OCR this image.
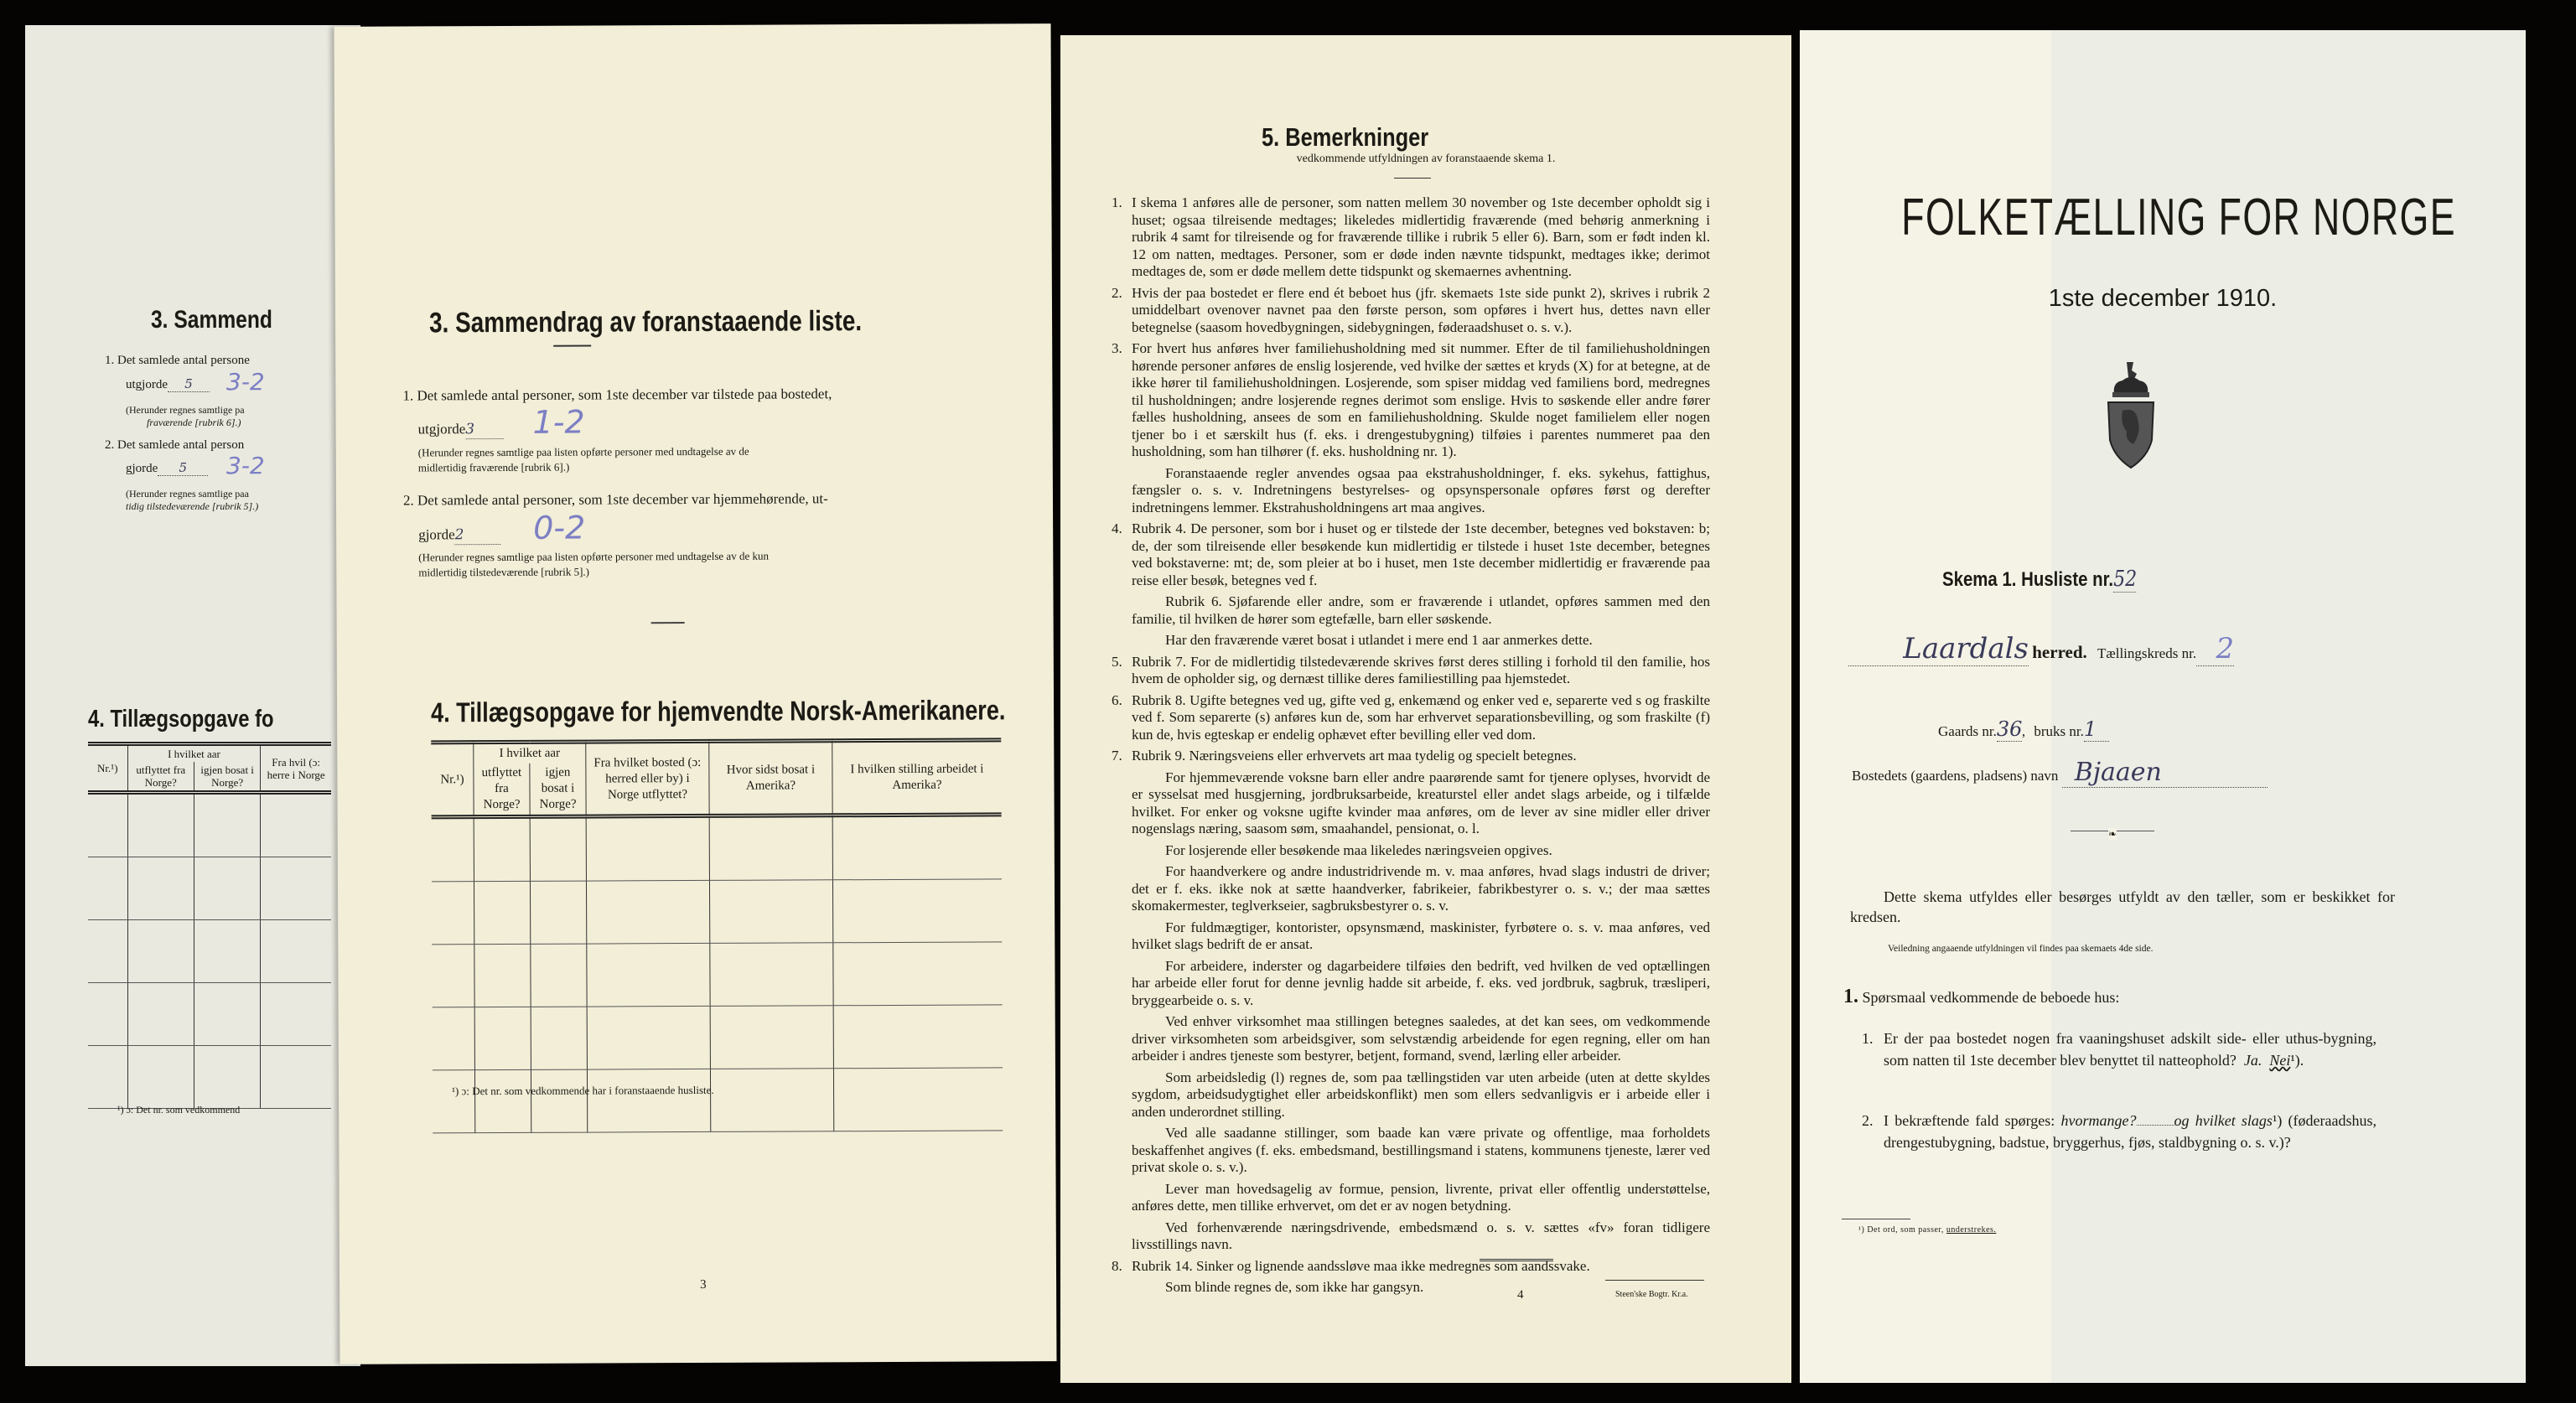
3. Sammend
1. Det samlede antal persone
utgjorde 5	3-2
(Herunder regnes samtlige pa
fraværende [rubrik 6].)
2. Det samlede antal person
gjorde 5	3-2
(Herunder regnes samtlige paa
tidig tilstedeværende [rubrik 5].)
4. Tillægsopgave fo
Nr.¹)	I hvilket aar		Fra hvil (ɔ: herre i Norge
	utflyttet fra Norge?	igjen bosat i Norge?	

¹) ɔ: Det nr. som vedkommend
3. Sammendrag av foranstaaende liste.
1. Det samlede antal personer, som 1ste december var tilstede paa bostedet,
utgjorde3	1-2
(Herunder regnes samtlige paa listen opførte personer med undtagelse av de midlertidig fraværende [rubrik 6].)
2. Det samlede antal personer, som 1ste december var hjemmehørende, ut-
gjorde2	0-2
(Herunder regnes samtlige paa listen opførte personer med undtagelse av de kun midlertidig tilstedeværende [rubrik 5].)
4. Tillægsopgave for hjemvendte Norsk-Amerikanere.
Nr.¹)	I hvilket aar		Fra hvilket bosted (ɔ: herred eller by) i Norge utflyttet?	Hvor sidst bosat i Amerika?	I hvilken stilling arbeidet i Amerika?
	utflyttet fra Norge?	igjen bosat i Norge?			

¹) ɔ: Det nr. som vedkommende har i foranstaaende husliste.
3
5. Bemerkninger
vedkommende utfyldningen av foranstaaende skema 1.

1. I skema 1 anføres alle de personer, som natten mellem 30 november og 1ste december opholdt sig i huset; ogsaa tilreisende medtages; likeledes midlertidig fraværende (med behørig anmerkning i rubrik 4 samt for tilreisende og for fraværende tillike i rubrik 5 eller 6). Barn, som er født inden kl. 12 om natten, medtages. Personer, som er døde inden nævnte tidspunkt, medtages ikke; derimot medtages de, som er døde mellem dette tidspunkt og skemaernes avhentning.

2. Hvis der paa bostedet er flere end ét beboet hus (jfr. skemaets 1ste side punkt 2), skrives i rubrik 2 umiddelbart ovenover navnet paa den første person, som opføres i hvert hus, dettes navn eller betegnelse (saasom hovedbygningen, sidebygningen, føderaadshuset o. s. v.).

3. For hvert hus anføres hver familiehusholdning med sit nummer. Efter de til familiehusholdningen hørende personer anføres de enslig losjerende, ved hvilke der sættes et kryds (X) for at betegne, at de ikke hører til familiehusholdningen. Losjerende, som spiser middag ved familiens bord, medregnes til husholdningen; andre losjerende regnes derimot som enslige. Hvis to søskende eller andre fører fælles husholdning, ansees de som en familiehusholdning. Skulde noget familielem eller nogen tjener bo i et særskilt hus (f. eks. i drengestubygning) tilføies i parentes nummeret paa den husholdning, som han tilhører (f. eks. husholdning nr. 1).

Foranstaaende regler anvendes ogsaa paa ekstrahusholdninger, f. eks. sykehus, fattighus, fængsler o. s. v. Indretningens bestyrelses- og opsynspersonale opføres først og derefter indretningens lemmer. Ekstrahusholdningens art maa angives.

4. Rubrik 4. De personer, som bor i huset og er tilstede der 1ste december, betegnes ved bokstaven: b; de, der som tilreisende eller besøkende kun midlertidig er tilstede i huset 1ste december, betegnes ved bokstaverne: mt; de, som pleier at bo i huset, men 1ste december midlertidig er fraværende paa reise eller besøk, betegnes ved f.

Rubrik 6. Sjøfarende eller andre, som er fraværende i utlandet, opføres sammen med den familie, til hvilken de hører som egtefælle, barn eller søskende.

Har den fraværende været bosat i utlandet i mere end 1 aar anmerkes dette.

5. Rubrik 7. For de midlertidig tilstedeværende skrives først deres stilling i forhold til den familie, hos hvem de opholder sig, og dernæst tillike deres familiestilling paa hjemstedet.

6. Rubrik 8. Ugifte betegnes ved ug, gifte ved g, enkemænd og enker ved e, separerte ved s og fraskilte ved f. Som separerte (s) anføres kun de, som har erhvervet separationsbevilling, og som fraskilte (f) kun de, hvis egteskap er endelig ophævet efter bevilling eller ved dom.

7. Rubrik 9. Næringsveiens eller erhvervets art maa tydelig og specielt betegnes.

For hjemmeværende voksne barn eller andre paarørende samt for tjenere oplyses, hvorvidt de er sysselsat med husgjerning, jordbruksarbeide, kreaturstel eller andet slags arbeide, og i tilfælde hvilket. For enker og voksne ugifte kvinder maa anføres, om de lever av sine midler eller driver nogenslags næring, saasom søm, smaahandel, pensionat, o. l.

For losjerende eller besøkende maa likeledes næringsveien opgives.

For haandverkere og andre industridrivende m. v. maa anføres, hvad slags industri de driver; det er f. eks. ikke nok at sætte haandverker, fabrikeier, fabrikbestyrer o. s. v.; der maa sættes skomakermester, teglverkseier, sagbruksbestyrer o. s. v.

For fuldmægtiger, kontorister, opsynsmænd, maskinister, fyrbøtere o. s. v. maa anføres, ved hvilket slags bedrift de er ansat.

For arbeidere, inderster og dagarbeidere tilføies den bedrift, ved hvilken de ved optællingen har arbeide eller forut for denne jevnlig hadde sit arbeide, f. eks. ved jordbruk, sagbruk, træsliperi, bryggearbeide o. s. v.

Ved enhver virksomhet maa stillingen betegnes saaledes, at det kan sees, om vedkommende driver virksomheten som arbeidsgiver, som selvstændig arbeidende for egen regning, eller om han arbeider i andres tjeneste som bestyrer, betjent, formand, svend, lærling eller arbeider.

Som arbeidsledig (l) regnes de, som paa tællingstiden var uten arbeide (uten at dette skyldes sygdom, arbeidsudygtighet eller arbeidskonflikt) men som ellers sedvanligvis er i arbeide eller i anden underordnet stilling.

Ved alle saadanne stillinger, som baade kan være private og offentlige, maa forholdets beskaffenhet angives (f. eks. embedsmand, bestillingsmand i statens, kommunens tjeneste, lærer ved privat skole o. s. v.).

Lever man hovedsagelig av formue, pension, livrente, privat eller offentlig understøttelse, anføres dette, men tillike erhvervet, om det er av nogen betydning.

Ved forhenværende næringsdrivende, embedsmænd o. s. v. sættes «fv» foran tidligere livsstillings navn.

8. Rubrik 14. Sinker og lignende aandssløve maa ikke medregnes som aandssvake.

Som blinde regnes de, som ikke har gangsyn.	4	Steen'ske Bogtr. Kr.a.
FOLKETÆLLING FOR NORGE
1ste december 1910.
Skema 1. Husliste nr.52
Laardals herred. Tællingskreds nr. 2
Gaards nr.36, bruks nr.1
Bostedets (gaardens, pladsens) navn Bjaaen
❧
Dette skema utfyldes eller besørges utfyldt av den tæller, som er beskikket for kredsen.
Veiledning angaaende utfyldningen vil findes paa skemaets 4de side.
1. Spørsmaal vedkommende de beboede hus:
1. Er der paa bostedet nogen fra vaaningshuset adskilt side- eller uthus-bygning, som natten til 1ste december blev benyttet til natteophold? Ja. Nei¹).
2. I bekræftende fald spørges: hvormange?	og hvilket slags¹) (føderaadshus, drengestubygning, badstue, bryggerhus, fjøs, staldbygning o. s. v.)?
¹) Det ord, som passer, understrekes.
